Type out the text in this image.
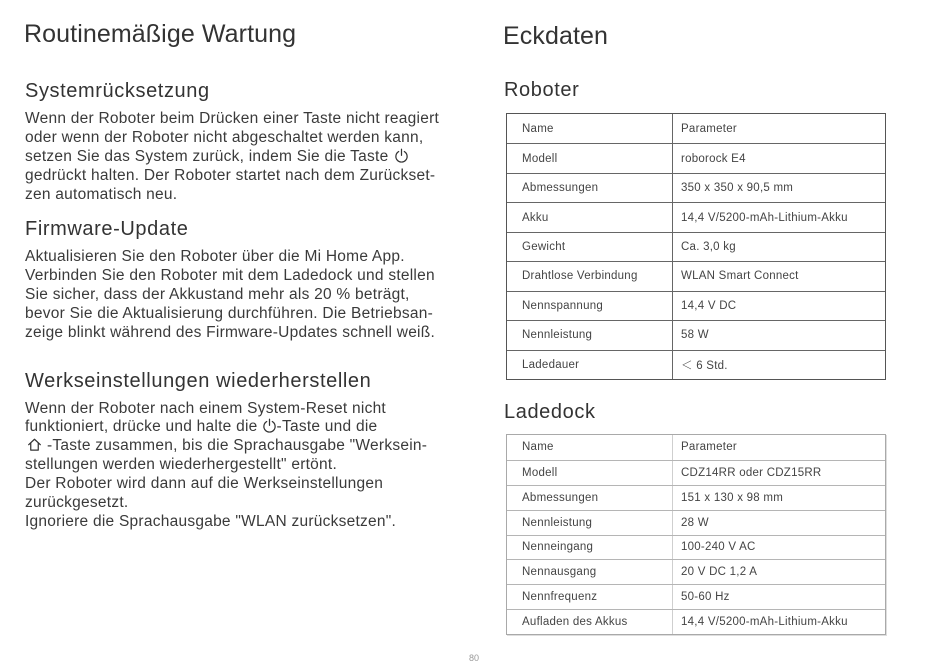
Routinemäßige Wartung
Systemrücksetzung
Wenn der Roboter beim Drücken einer Taste nicht reagiert
oder wenn der Roboter nicht abgeschaltet werden kann,
setzen Sie das System zurück, indem Sie die Taste
gedrückt halten. Der Roboter startet nach dem Zurückset-
zen automatisch neu.
Firmware-Update
Aktualisieren Sie den Roboter über die Mi Home App.
Verbinden Sie den Roboter mit dem Ladedock und stellen
Sie sicher, dass der Akkustand mehr als 20 % beträgt,
bevor Sie die Aktualisierung durchführen. Die Betriebsan-
zeige blinkt während des Firmware-Updates schnell weiß.
Werkseinstellungen wiederherstellen
Wenn der Roboter nach einem System-Reset nicht
funktioniert, drücke und halte die -Taste und die
-Taste zusammen, bis die Sprachausgabe "Werksein-
stellungen werden wiederhergestellt" ertönt.
Der Roboter wird dann auf die Werkseinstellungen
zurückgesetzt.
Ignoriere die Sprachausgabe "WLAN zurücksetzen".
Eckdaten
Roboter
Name	Parameter
Modell	roborock E4
Abmessungen	350 x 350 x 90,5 mm
Akku	14,4 V/5200-mAh-Lithium-Akku
Gewicht	Ca. 3,0 kg
Drahtlose Verbindung	WLAN Smart Connect
Nennspannung	14,4 V DC
Nennleistung	58 W
Ladedauer	＜ 6 Std.
Ladedock
Name	Parameter
Modell	CDZ14RR oder CDZ15RR
Abmessungen	151 x 130 x 98 mm
Nennleistung	28 W
Nenneingang	100-240 V AC
Nennausgang	20 V DC 1,2 A
Nennfrequenz	50-60 Hz
Aufladen des Akkus	14,4 V/5200-mAh-Lithium-Akku
80
